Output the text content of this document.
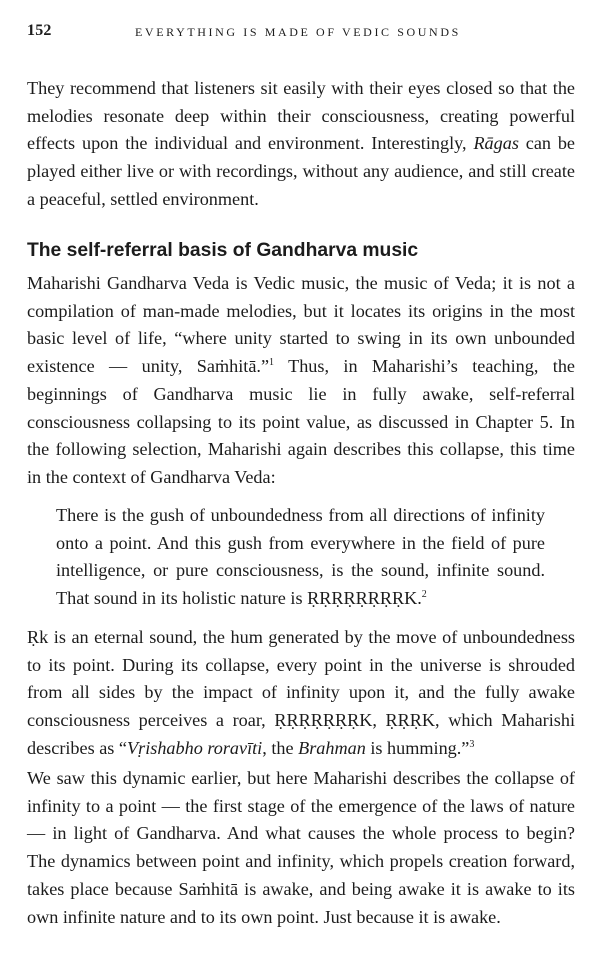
152	EVERYTHING IS MADE OF VEDIC SOUNDS

They recommend that listeners sit easily with their eyes closed so that the melodies resonate deep within their consciousness, creating powerful effects upon the individual and environment. Interestingly, Rāgas can be played either live or with recordings, without any audience, and still create a peaceful, settled environment.

The self-referral basis of Gandharva music

Maharishi Gandharva Veda is Vedic music, the music of Veda; it is not a compilation of man-made melodies, but it locates its origins in the most basic level of life, “where unity started to swing in its own unbounded existence — unity, Saṁhitā.”$^1$ Thus, in Maharishi’s teaching, the beginnings of Gandharva music lie in fully awake, self-referral consciousness collapsing to its point value, as discussed in Chapter 5. In the following selection, Maharishi again describes this collapse, this time in the context of Gandharva Veda:

There is the gush of unboundedness from all directions of infinity onto a point. And this gush from everywhere in the field of pure intelligence, or pure consciousness, is the sound, infinite sound. That sound in its holistic nature is ṚṚṚṚṚṚṚṚK.$^2$

Ṛk is an eternal sound, the hum generated by the move of unboundedness to its point. During its collapse, every point in the universe is shrouded from all sides by the impact of infinity upon it, and the fully awake consciousness perceives a roar, ṚṚṚṚṚṚṚK, ṚṚṚK, which Maharishi describes as “Vṛishabho roravīti, the Brahman is humming.”$^3$

We saw this dynamic earlier, but here Maharishi describes the collapse of infinity to a point — the first stage of the emergence of the laws of nature — in light of Gandharva. And what causes the whole process to begin? The dynamics between point and infinity, which propels creation forward, takes place because Saṁhitā is awake, and being awake it is awake to its own infinite nature and to its own point. Just because it is awake.
